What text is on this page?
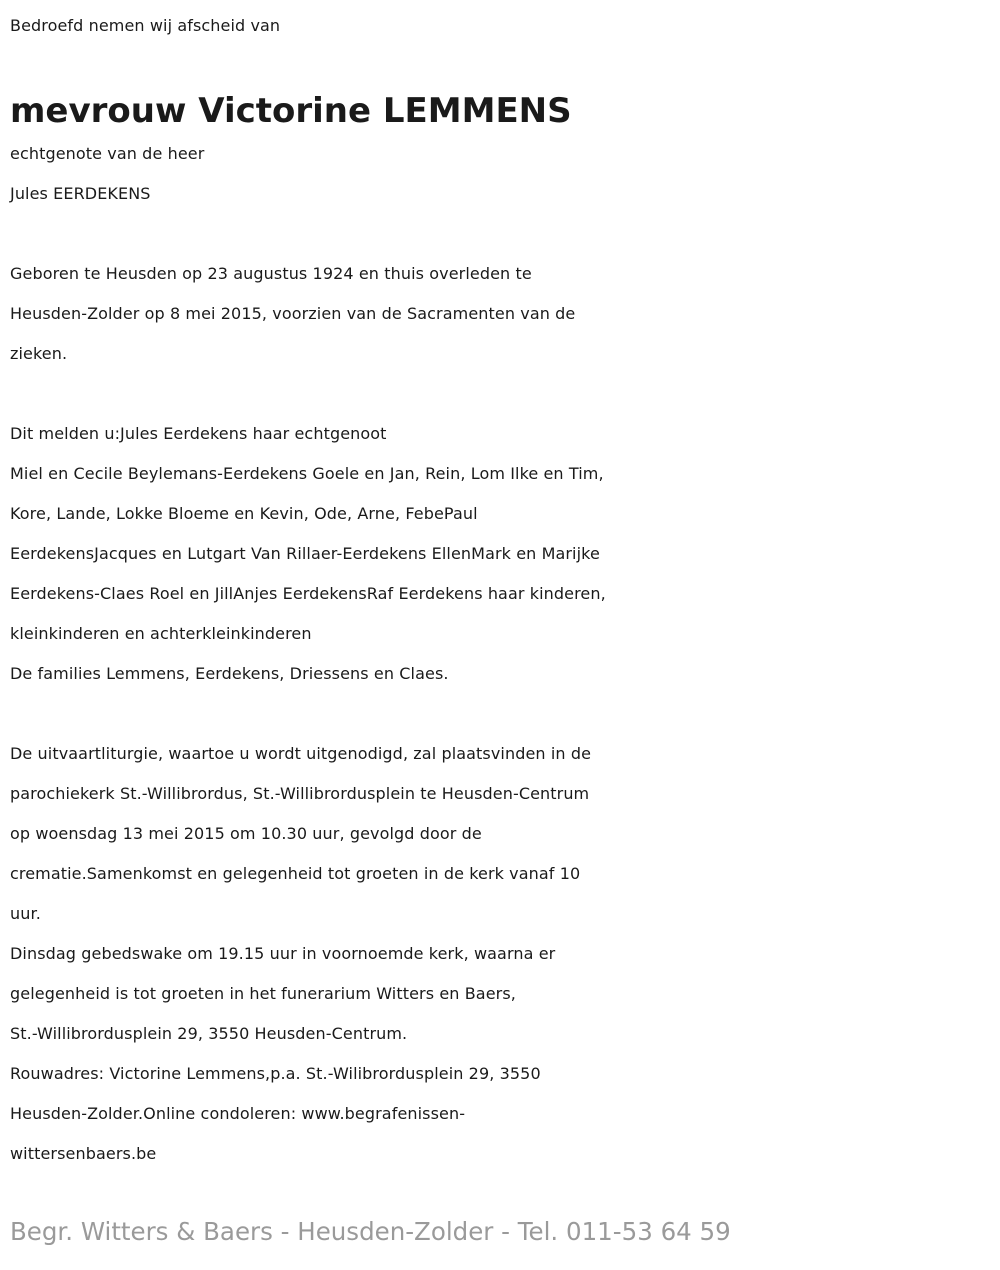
Bedroefd nemen wij afscheid van
mevrouw Victorine LEMMENS
echtgenote van de heer
Jules EERDEKENS
Geboren te Heusden op 23 augustus 1924 en thuis overleden te
Heusden-Zolder op 8 mei 2015, voorzien van de Sacramenten van de
zieken.
Dit melden u:Jules Eerdekens haar echtgenoot
Miel en Cecile Beylemans-Eerdekens Goele en Jan, Rein, Lom Ilke en Tim,
Kore, Lande, Lokke Bloeme en Kevin, Ode, Arne, FebePaul
EerdekensJacques en Lutgart Van Rillaer-Eerdekens EllenMark en Marijke
Eerdekens-Claes Roel en JillAnjes EerdekensRaf Eerdekens haar kinderen,
kleinkinderen en achterkleinkinderen
De families Lemmens, Eerdekens, Driessens en Claes.
De uitvaartliturgie, waartoe u wordt uitgenodigd, zal plaatsvinden in de
parochiekerk St.-Willibrordus, St.-Willibrordusplein te Heusden-Centrum
op woensdag 13 mei 2015 om 10.30 uur, gevolgd door de
crematie.Samenkomst en gelegenheid tot groeten in de kerk vanaf 10
uur.
Dinsdag gebedswake om 19.15 uur in voornoemde kerk, waarna er
gelegenheid is tot groeten in het funerarium Witters en Baers,
St.-Willibrordusplein 29, 3550 Heusden-Centrum.
Rouwadres: Victorine Lemmens,p.a. St.-Wilibrordusplein 29, 3550
Heusden-Zolder.Online condoleren: www.begrafenissen-
wittersenbaers.be
Begr. Witters & Baers - Heusden-Zolder - Tel. 011-53 64 59
